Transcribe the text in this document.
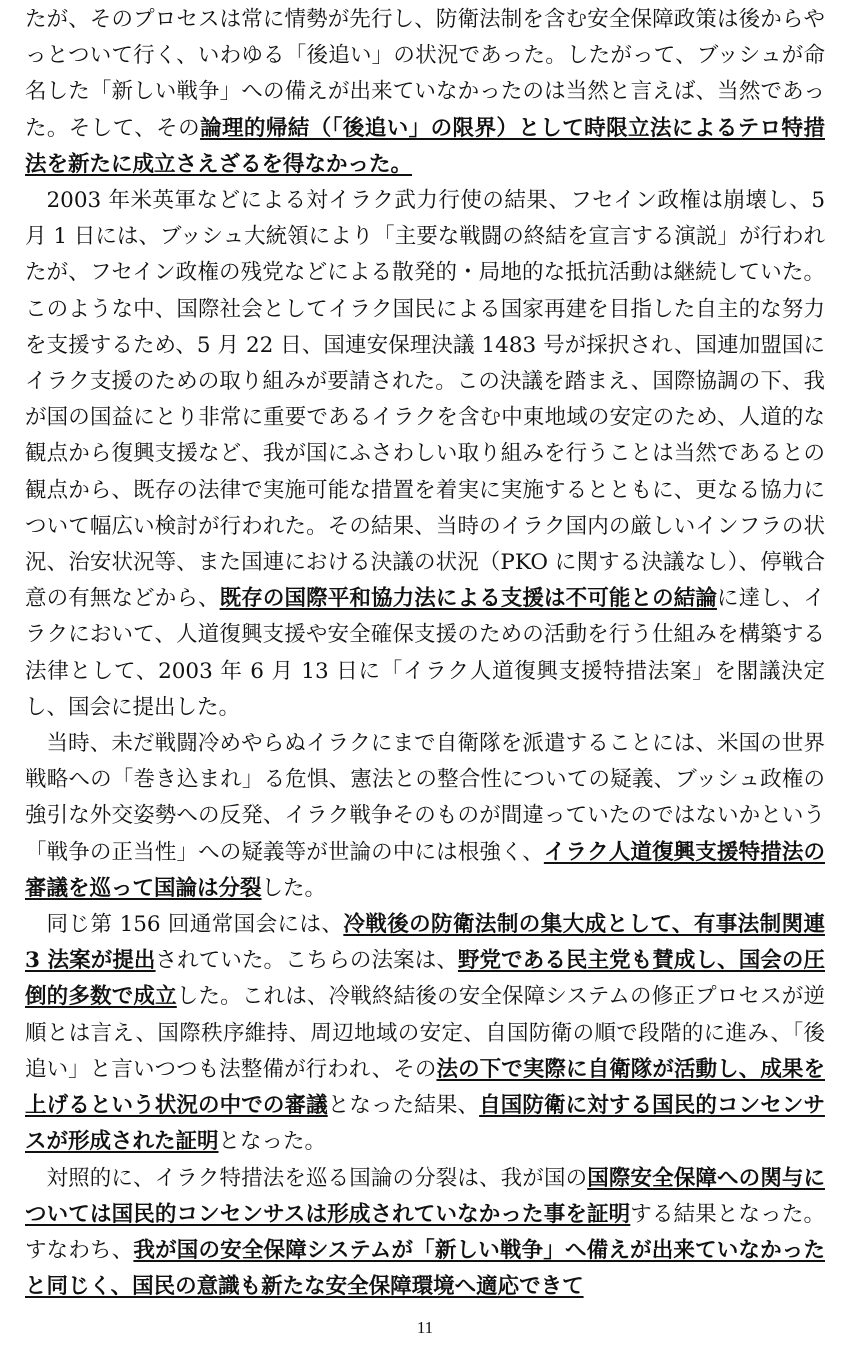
たが、そのプロセスは常に情勢が先行し、防衛法制を含む安全保障政策は後からやっとついて行く、いわゆる「後追い」の状況であった。したがって、ブッシュが命名した「新しい戦争」への備えが出来ていなかったのは当然と言えば、当然であった。そして、その論理的帰結（「後追い」の限界）として時限立法によるテロ特措法を新たに成立さえざるを得なかった。

2003 年米英軍などによる対イラク武力行使の結果、フセイン政権は崩壊し、5 月 1 日には、ブッシュ大統領により「主要な戦闘の終結を宣言する演説」が行われたが、フセイン政権の残党などによる散発的・局地的な抵抗活動は継続していた。このような中、国際社会としてイラク国民による国家再建を目指した自主的な努力を支援するため、5 月 22 日、国連安保理決議 1483 号が採択され、国連加盟国にイラク支援のための取り組みが要請された。この決議を踏まえ、国際協調の下、我が国の国益にとり非常に重要であるイラクを含む中東地域の安定のため、人道的な観点から復興支援など、我が国にふさわしい取り組みを行うことは当然であるとの観点から、既存の法律で実施可能な措置を着実に実施するとともに、更なる協力について幅広い検討が行われた。その結果、当時のイラク国内の厳しいインフラの状況、治安状況等、また国連における決議の状況（PKO に関する決議なし）、停戦合意の有無などから、既存の国際平和協力法による支援は不可能との結論に達し、イラクにおいて、人道復興支援や安全確保支援のための活動を行う仕組みを構築する法律として、2003 年 6 月 13 日に「イラク人道復興支援特措法案」を閣議決定し、国会に提出した。

当時、未だ戦闘冷めやらぬイラクにまで自衛隊を派遣することには、米国の世界戦略への「巻き込まれ」る危惧、憲法との整合性についての疑義、ブッシュ政権の強引な外交姿勢への反発、イラク戦争そのものが間違っていたのではないかという「戦争の正当性」への疑義等が世論の中には根強く、イラク人道復興支援特措法の審議を巡って国論は分裂した。

同じ第 156 回通常国会には、冷戦後の防衛法制の集大成として、有事法制関連 3 法案が提出されていた。こちらの法案は、野党である民主党も賛成し、国会の圧倒的多数で成立した。これは、冷戦終結後の安全保障システムの修正プロセスが逆順とは言え、国際秩序維持、周辺地域の安定、自国防衛の順で段階的に進み、「後追い」と言いつつも法整備が行われ、その法の下で実際に自衛隊が活動し、成果を上げるという状況の中での審議となった結果、自国防衛に対する国民的コンセンサスが形成された証明となった。

対照的に、イラク特措法を巡る国論の分裂は、我が国の国際安全保障への関与については国民的コンセンサスは形成されていなかった事を証明する結果となった。すなわち、我が国の安全保障システムが「新しい戦争」へ備えが出来ていなかったと同じく、国民の意識も新たな安全保障環境へ適応できて

11
